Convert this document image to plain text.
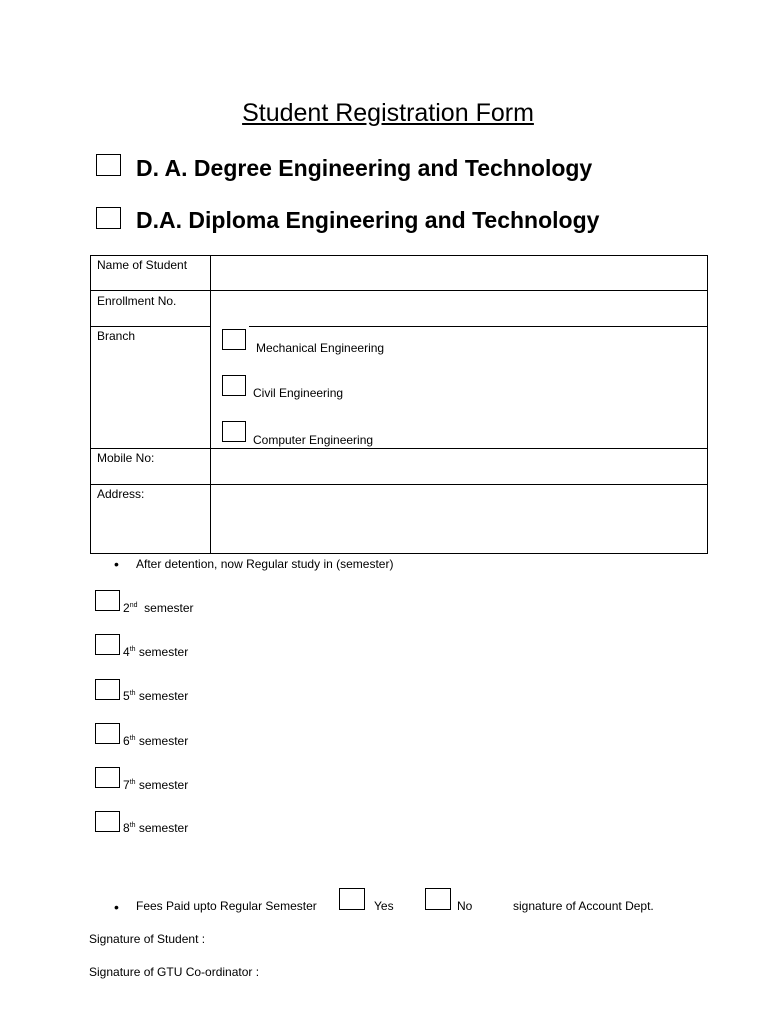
Student Registration Form
D. A. Degree Engineering and Technology
D.A. Diploma Engineering and Technology
Name of Student
Enrollment No.
Branch
Mechanical Engineering
Civil Engineering
Computer Engineering
Mobile No:
Address:
• After detention, now Regular study in (semester)
2nd  semester
4th semester
5th semester
6th semester
7th semester
8th semester
• Fees Paid upto Regular Semester	Yes	No	signature of Account Dept.
Signature of Student :
Signature of GTU Co-ordinator :
